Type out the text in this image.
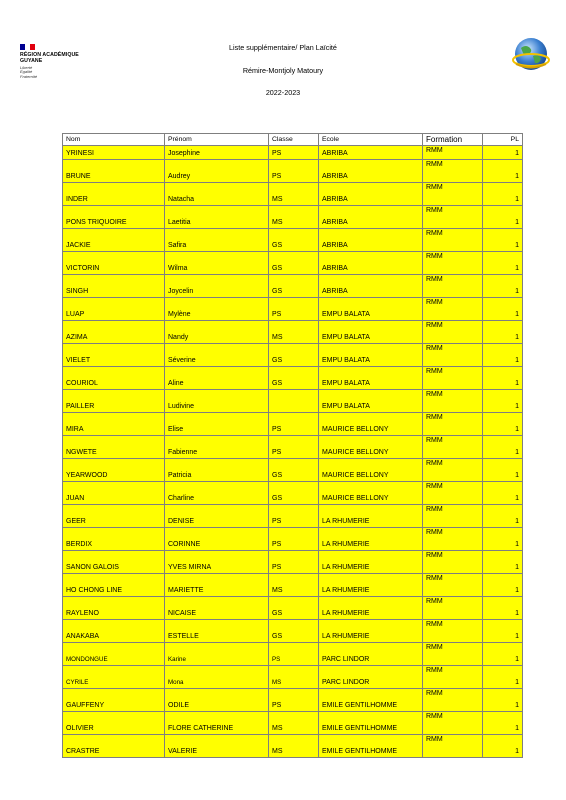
RÉGION ACADÉMIQUE
GUYANE
Liberté
Égalité
Fraternité
Liste supplémentaire/ Plan Laïcité
Rémire-Montjoly Matoury
2022-2023
Nom	Prénom	Classe	Ecole	Formation	PL
YRINESI	Josephine	PS	ABRIBA	RMM	1
BRUNE	Audrey	PS	ABRIBA	RMM	1
INDER	Natacha	MS	ABRIBA	RMM	1
PONS TRIQUOIRE	Laetitia	MS	ABRIBA	RMM	1
JACKIE	Safira	GS	ABRIBA	RMM	1
VICTORIN	Wilma	GS	ABRIBA	RMM	1
SINGH	Joycelin	GS	ABRIBA	RMM	1
LUAP	Mylène	PS	EMPU BALATA	RMM	1
AZIMA	Nandy	MS	EMPU BALATA	RMM	1
VIELET	Séverine	GS	EMPU BALATA	RMM	1
COURIOL	Aline	GS	EMPU BALATA	RMM	1
PAILLER	Ludivine		EMPU BALATA	RMM	1
MIRA	Elise	PS	MAURICE BELLONY	RMM	1
NGWETE	Fabienne	PS	MAURICE BELLONY	RMM	1
YEARWOOD	Patricia	GS	MAURICE BELLONY	RMM	1
JUAN	Charline	GS	MAURICE BELLONY	RMM	1
GEER	DENISE	PS	LA RHUMERIE	RMM	1
BERDIX	CORINNE	PS	LA RHUMERIE	RMM	1
SANON GALOIS	YVES MIRNA	PS	LA RHUMERIE	RMM	1
HO CHONG LINE	MARIETTE	MS	LA RHUMERIE	RMM	1
RAYLENO	NICAISE	GS	LA RHUMERIE	RMM	1
ANAKABA	ESTELLE	GS	LA RHUMERIE	RMM	1
MONDONGUE	Karine	PS	PARC LINDOR	RMM	1
CYRILE	Mona	MS	PARC LINDOR	RMM	1
GAUFFENY	ODILE	PS	EMILE GENTILHOMME	RMM	1
OLIVIER	FLORE CATHERINE	MS	EMILE GENTILHOMME	RMM	1
CRASTRE	VALERIE	MS	EMILE GENTILHOMME	RMM	1
